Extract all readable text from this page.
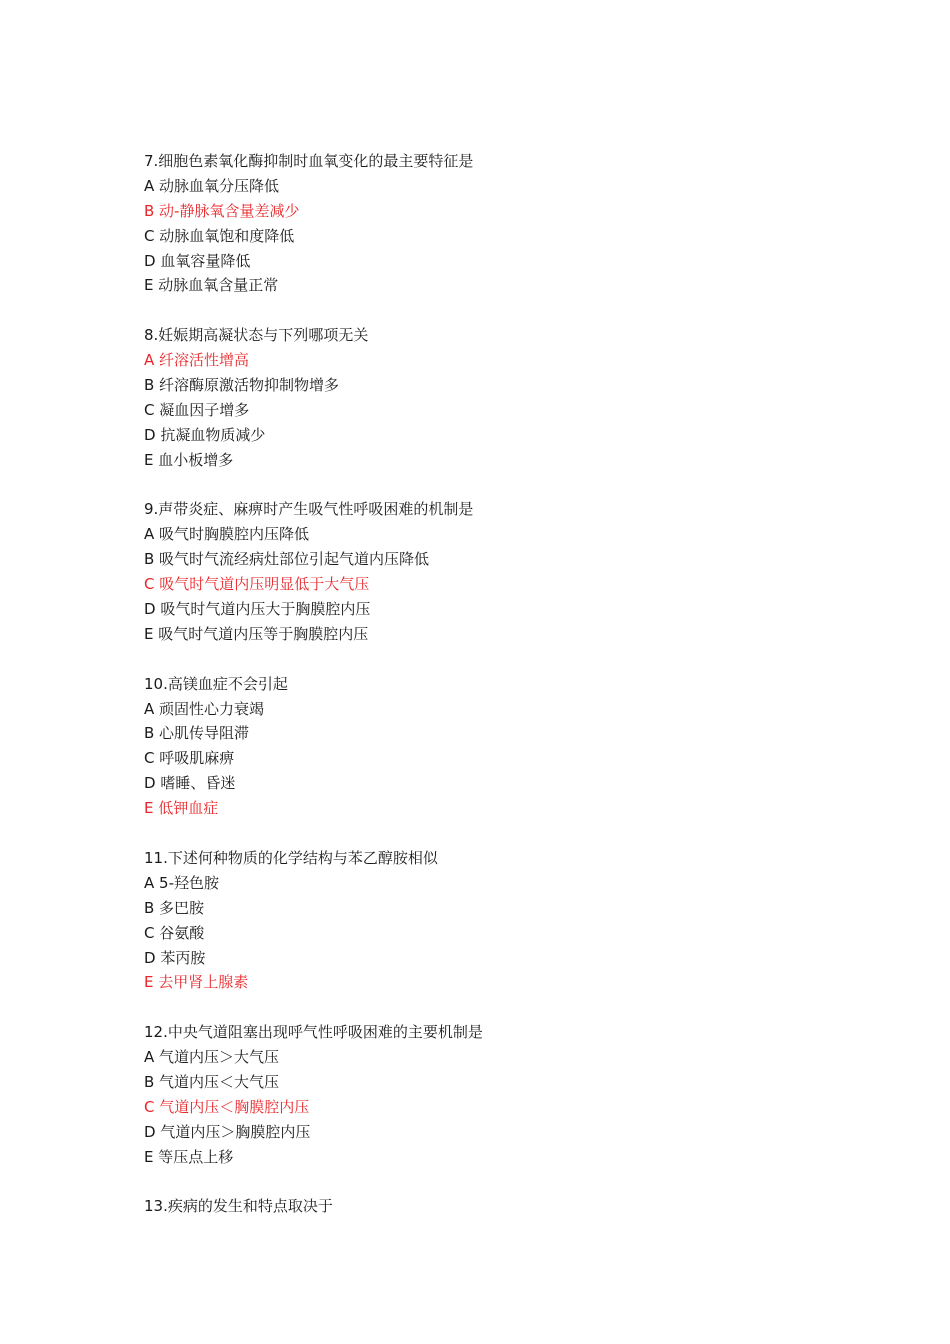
7.细胞色素氧化酶抑制时血氧变化的最主要特征是
A 动脉血氧分压降低
B 动-静脉氧含量差减少
C 动脉血氧饱和度降低
D 血氧容量降低
E 动脉血氧含量正常
8.妊娠期高凝状态与下列哪项无关
A 纤溶活性增高
B 纤溶酶原激活物抑制物增多
C 凝血因子增多
D 抗凝血物质减少
E 血小板增多
9.声带炎症、麻痹时产生吸气性呼吸困难的机制是
A 吸气时胸膜腔内压降低
B 吸气时气流经病灶部位引起气道内压降低
C 吸气时气道内压明显低于大气压
D 吸气时气道内压大于胸膜腔内压
E 吸气时气道内压等于胸膜腔内压
10.高镁血症不会引起
A 顽固性心力衰竭
B 心肌传导阻滞
C 呼吸肌麻痹
D 嗜睡、昏迷
E 低钾血症
11.下述何种物质的化学结构与苯乙醇胺相似
A 5-羟色胺
B 多巴胺
C 谷氨酸
D 苯丙胺
E 去甲肾上腺素
12.中央气道阻塞出现呼气性呼吸困难的主要机制是
A 气道内压＞大气压
B 气道内压＜大气压
C 气道内压＜胸膜腔内压
D 气道内压＞胸膜腔内压
E 等压点上移
13.疾病的发生和特点取决于
